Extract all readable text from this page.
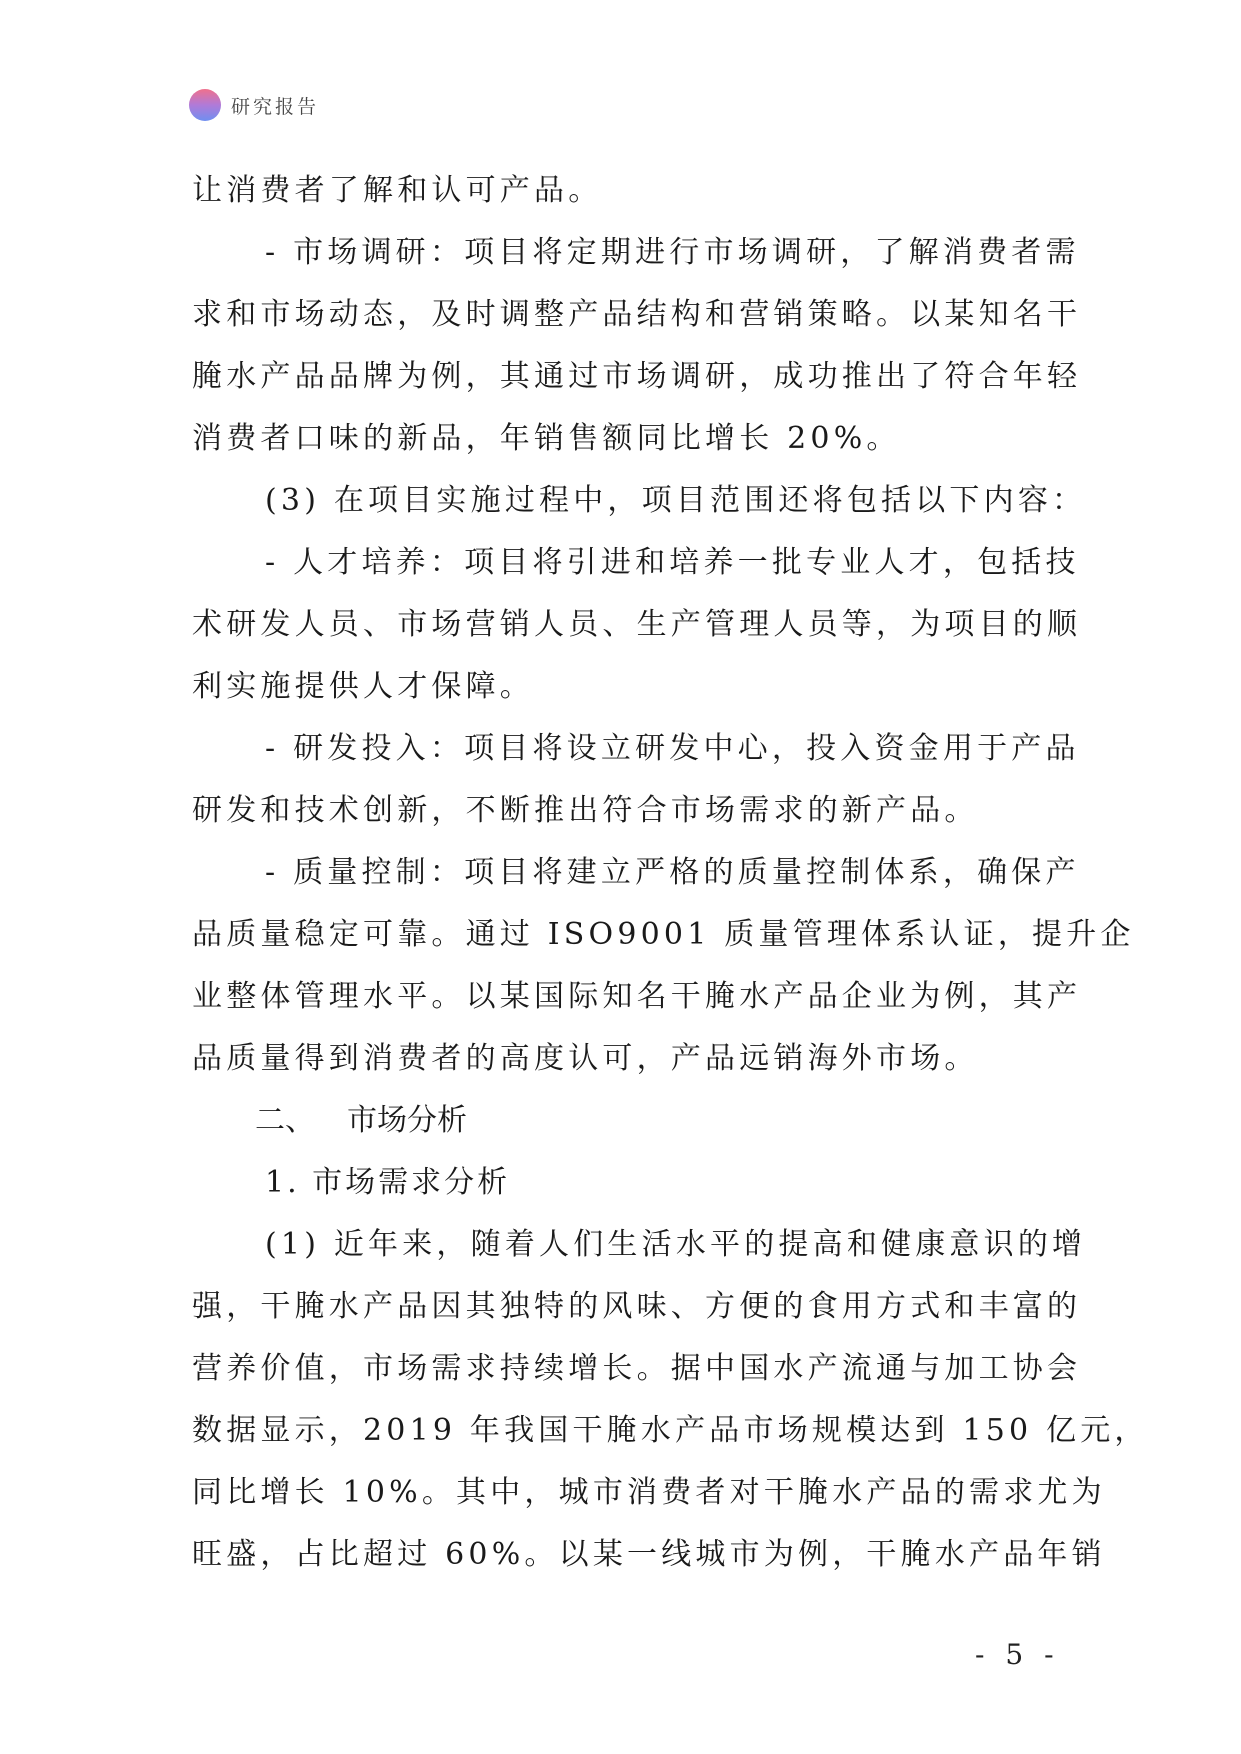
研究报告
让消费者了解和认可产品。
- 市场调研：项目将定期进行市场调研，了解消费者需
求和市场动态，及时调整产品结构和营销策略。以某知名干
腌水产品品牌为例，其通过市场调研，成功推出了符合年轻
消费者口味的新品，年销售额同比增长 20%。
(3) 在项目实施过程中，项目范围还将包括以下内容：
- 人才培养：项目将引进和培养一批专业人才，包括技
术研发人员、市场营销人员、生产管理人员等，为项目的顺
利实施提供人才保障。
- 研发投入：项目将设立研发中心，投入资金用于产品
研发和技术创新，不断推出符合市场需求的新产品。
- 质量控制：项目将建立严格的质量控制体系，确保产
品质量稳定可靠。通过 ISO9001 质量管理体系认证，提升企
业整体管理水平。以某国际知名干腌水产品企业为例，其产
品质量得到消费者的高度认可，产品远销海外市场。
二、 市场分析
1. 市场需求分析
(1) 近年来，随着人们生活水平的提高和健康意识的增
强，干腌水产品因其独特的风味、方便的食用方式和丰富的
营养价值，市场需求持续增长。据中国水产流通与加工协会
数据显示，2019 年我国干腌水产品市场规模达到 150 亿元，
同比增长 10%。其中，城市消费者对干腌水产品的需求尤为
旺盛，占比超过 60%。以某一线城市为例，干腌水产品年销
- 5 -
